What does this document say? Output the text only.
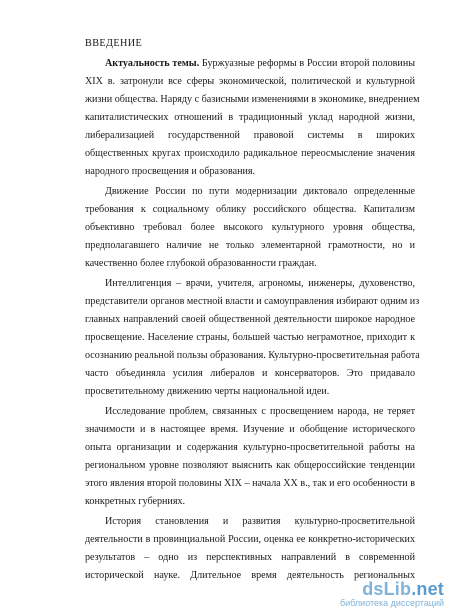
ВВЕДЕНИЕ
Актуальность темы. Буржуазные реформы в России второй половины
XIX в. затронули все сферы экономической, политической и культурной
жизни общества. Наряду с базисными изменениями в экономике, внедрением
капиталистических отношений в традиционный уклад народной жизни,
либерализацией государственной правовой системы в широких
общественных кругах происходило радикальное переосмысление значения
народного просвещения и образования.
Движение России по пути модернизации диктовало определенные
требования к социальному облику российского общества. Капитализм
объективно требовал более высокого культурного уровня общества,
предполагавшего наличие не только элементарной грамотности, но и
качественно более глубокой образованности граждан.
Интеллигенция – врачи, учителя, агрономы, инженеры, духовенство,
представители органов местной власти и самоуправления избирают одним из
главных направлений своей общественной деятельности широкое народное
просвещение. Население страны, большей частью неграмотное, приходит к
осознанию реальной пользы образования. Культурно-просветительная работа
часто объединяла усилия либералов и консерваторов. Это придавало
просветительному движению черты национальной идеи.
Исследование проблем, связанных с просвещением народа, не теряет
значимости и в настоящее время. Изучение и обобщение исторического
опыта организации и содержания культурно-просветительной работы на
региональном уровне позволяют выяснить как общероссийские тенденции
этого явления второй половины XIX – начала XX в., так и его особенности в
конкретных губерниях.
История становления и развития культурно-просветительной
деятельности в провинциальной России, оценка ее конкретно-исторических
результатов – одно из перспективных направлений в современной
исторической науке. Длительное время деятельность региональных
dsLib.net
библиотека диссертаций
